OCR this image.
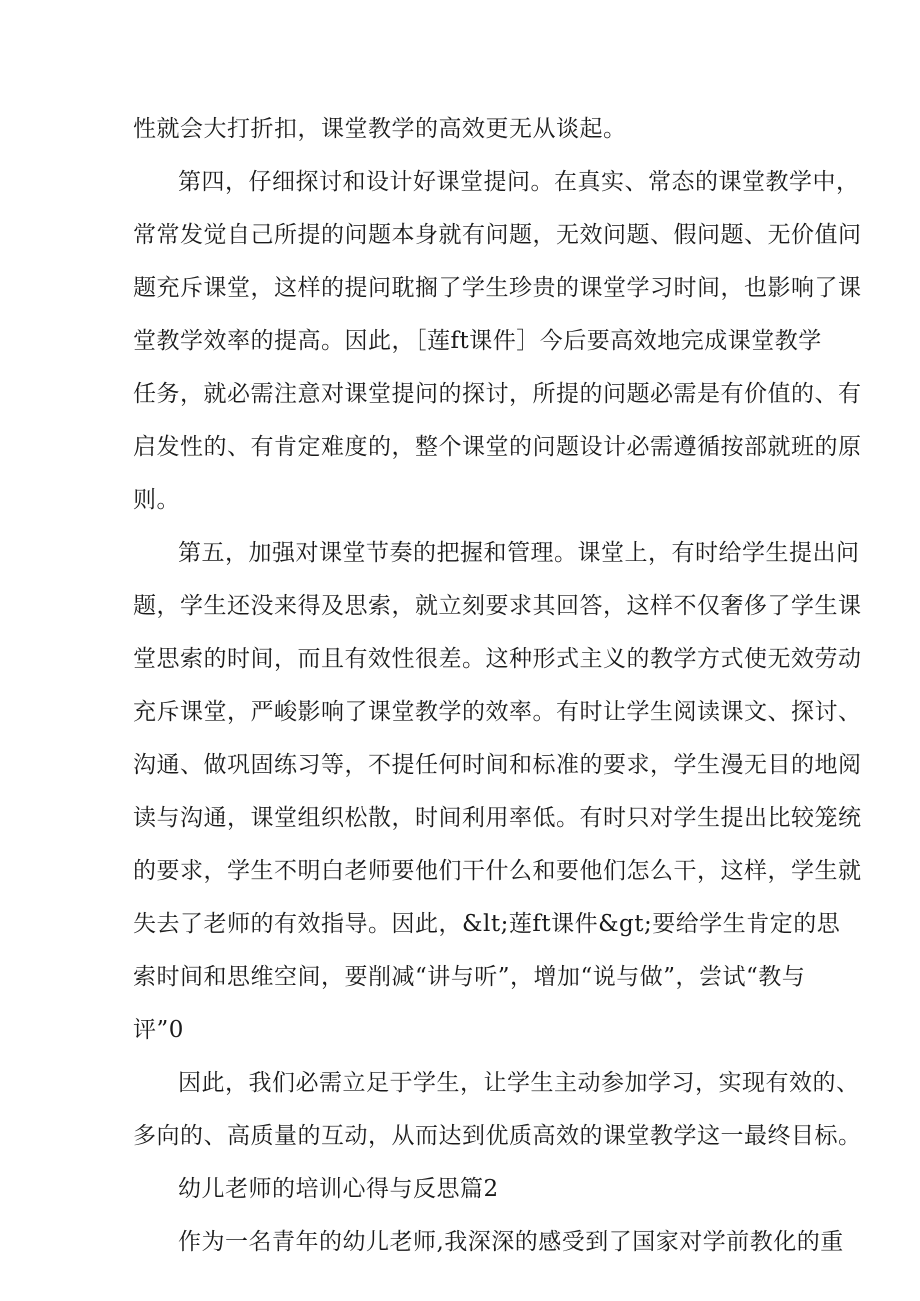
性就会大打折扣，课堂教学的高效更无从谈起。
第四，仔细探讨和设计好课堂提问。在真实、常态的课堂教学中，
常常发觉自己所提的问题本身就有问题，无效问题、假问题、无价值问
题充斥课堂，这样的提问耽搁了学生珍贵的课堂学习时间，也影响了课
堂教学效率的提高。因此，［莲ft课件］今后要高效地完成课堂教学
任务，就必需注意对课堂提问的探讨，所提的问题必需是有价值的、有
启发性的、有肯定难度的，整个课堂的问题设计必需遵循按部就班的原
则。
第五，加强对课堂节奏的把握和管理。课堂上，有时给学生提出问
题，学生还没来得及思索，就立刻要求其回答，这样不仅奢侈了学生课
堂思索的时间，而且有效性很差。这种形式主义的教学方式使无效劳动
充斥课堂，严峻影响了课堂教学的效率。有时让学生阅读课文、探讨、
沟通、做巩固练习等，不提任何时间和标准的要求，学生漫无目的地阅
读与沟通，课堂组织松散，时间利用率低。有时只对学生提出比较笼统
的要求，学生不明白老师要他们干什么和要他们怎么干，这样，学生就
失去了老师的有效指导。因此，&lt;莲ft课件&gt;要给学生肯定的思
索时间和思维空间，要削减“讲与听”，增加“说与做”，尝试“教与
评”0
因此，我们必需立足于学生，让学生主动参加学习，实现有效的、
多向的、高质量的互动，从而达到优质高效的课堂教学这一最终目标。
幼儿老师的培训心得与反思篇2
作为一名青年的幼儿老师,我深深的感受到了国家对学前教化的重
